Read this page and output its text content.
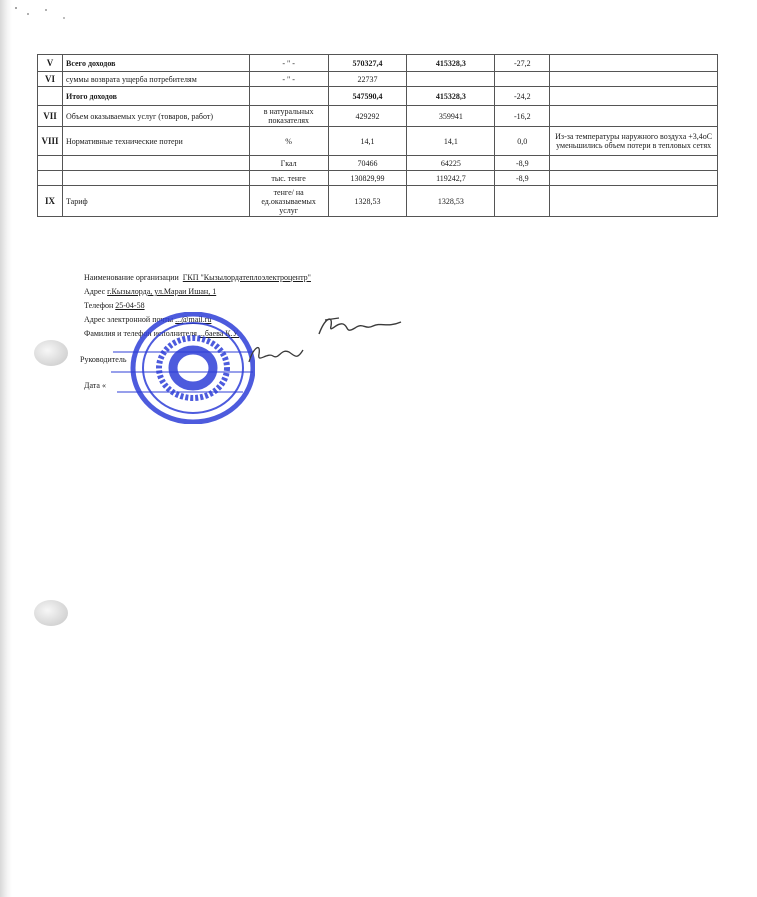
V	Всего доходов	- " -	570327,4	415328,3	-27,2	
VI	суммы возврата ущерба потребителям	- " -	22737			
	Итого доходов		547590,4	415328,3	-24,2	
VII	Объем оказываемых услуг (товаров, работ)	в натуральных показателях	429292	359941	-16,2	
VIII	Нормативные технические потери	%	14,1	14,1	0,0	Из-за температуры наружного воздуха +3,4оС уменьшились объем потери в тепловых сетях
		Гкал	70466	64225	-8,9	
		тыс. тенге	130829,99	119242,7	-8,9	
IX	Тариф	тенге/ на ед.оказываемых услуг	1328,53	1328,53		
Наименование организации ГКП "Кызылордатеплоэлектроцентр"
Адрес г.Кызылорда, ул.Мараи Ишан, 1
Телефон 25-04-58
Адрес электронной почты ...@mail.ru
Фамилия и телефон исполнителя ...баева К.У.
Руководитель
Дата «
